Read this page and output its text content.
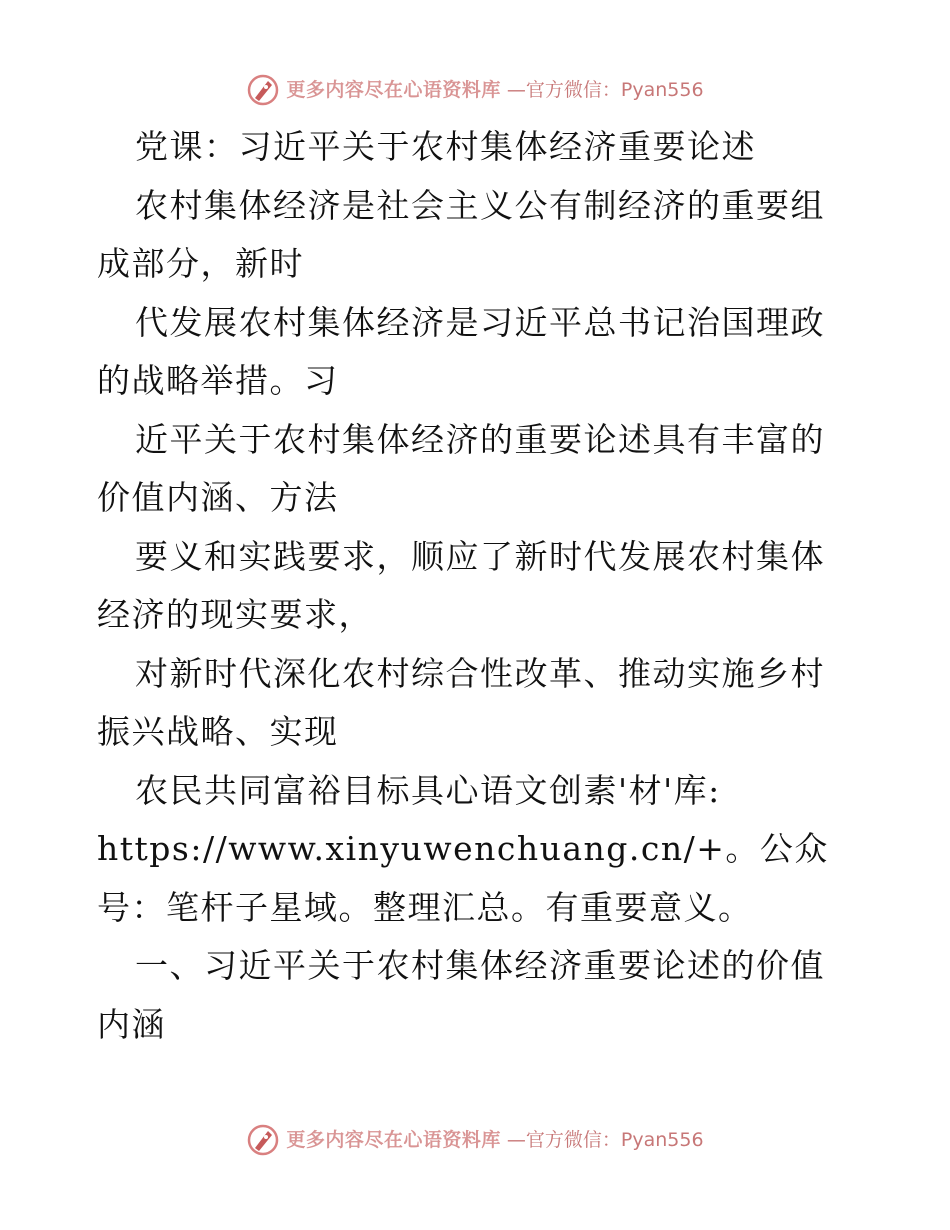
更多内容尽在心语资料库 —官方微信：Pyan556

党课：习近平关于农村集体经济重要论述

农村集体经济是社会主义公有制经济的重要组成部分，新时

代发展农村集体经济是习近平总书记治国理政的战略举措。习

近平关于农村集体经济的重要论述具有丰富的价值内涵、方法

要义和实践要求，顺应了新时代发展农村集体经济的现实要求，

对新时代深化农村综合性改革、推动实施乡村振兴战略、实现

农民共同富裕目标具心语文创素'材'库:

https://www.xinyuwenchuang.cn/+。公众号：笔杆子星域。整理汇总。有重要意义。

一、习近平关于农村集体经济重要论述的价值内涵

更多内容尽在心语资料库 —官方微信：Pyan556
